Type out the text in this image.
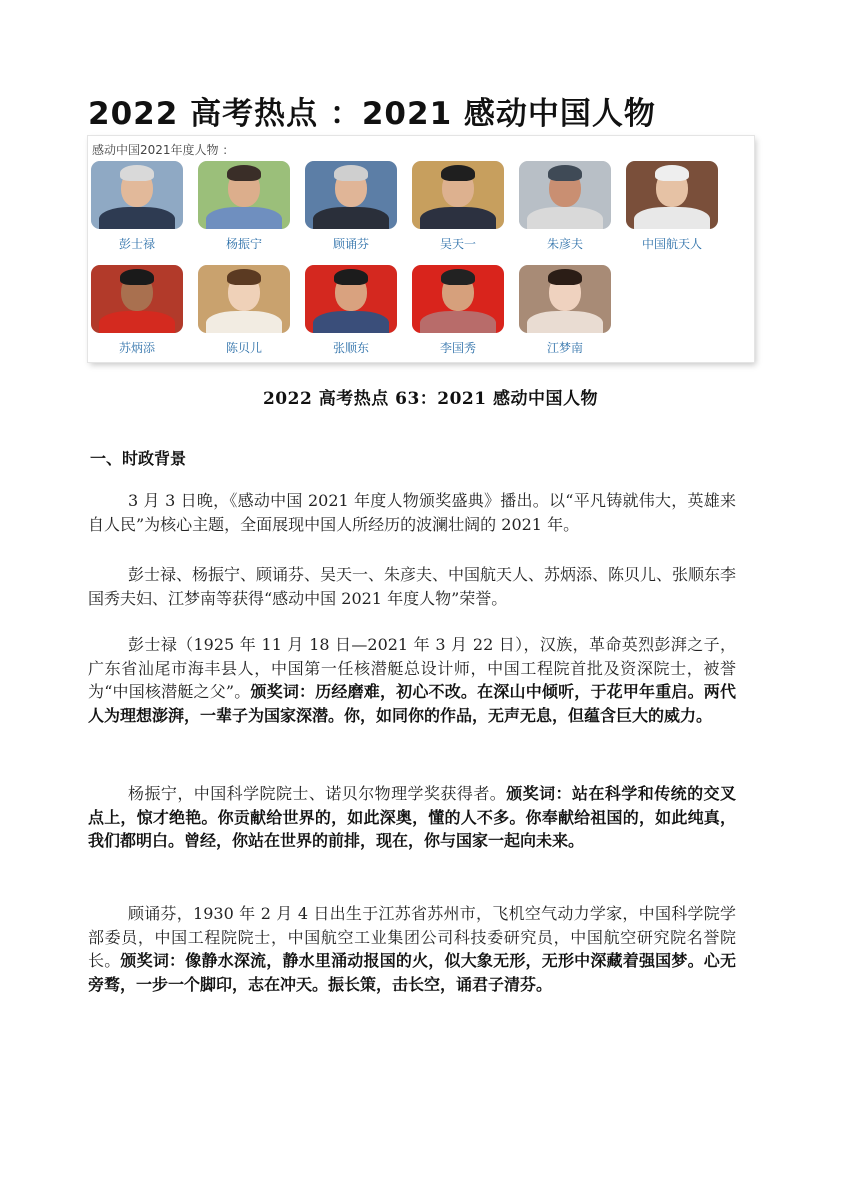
2022 高考热点 ：2021 感动中国人物
感动中国2021年度人物 ：
彭士禄	杨振宁	顾诵芬	吴天一	朱彦夫	中国航天人
苏炳添	陈贝儿	张顺东	李国秀	江梦南
2022 高考热点 63：2021 感动中国人物
一、时政背景

3 月 3 日晚，《感动中国 2021 年度人物颁奖盛典》播出。以“平凡铸就伟大，英雄来自人民”为核心主题，全面展现中国人所经历的波澜壮阔的 2021 年。

彭士禄、杨振宁、顾诵芬、吴天一、朱彦夫、中国航天人、苏炳添、陈贝儿、张顺东李国秀夫妇、江梦南等获得“感动中国 2021 年度人物”荣誉。

彭士禄（1925 年 11 月 18 日—2021 年 3 月 22 日），汉族，革命英烈彭湃之子，广东省汕尾市海丰县人，中国第一任核潜艇总设计师，中国工程院首批及资深院士，被誉为“中国核潜艇之父”。颁奖词：历经磨难，初心不改。在深山中倾听，于花甲年重启。两代人为理想澎湃，一辈子为国家深潜。你，如同你的作品，无声无息，但蕴含巨大的威力。

杨振宁，中国科学院院士、诺贝尔物理学奖获得者。颁奖词：站在科学和传统的交叉点上，惊才绝艳。你贡献给世界的，如此深奥，懂的人不多。你奉献给祖国的，如此纯真，我们都明白。曾经，你站在世界的前排，现在，你与国家一起向未来。

顾诵芬，1930 年 2 月 4 日出生于江苏省苏州市，飞机空气动力学家，中国科学院学部委员，中国工程院院士，中国航空工业集团公司科技委研究员，中国航空研究院名誉院长。颁奖词：像静水深流，静水里涌动报国的火，似大象无形，无形中深藏着强国梦。心无旁骛，一步一个脚印，志在冲天。振长策，击长空，诵君子清芬。
